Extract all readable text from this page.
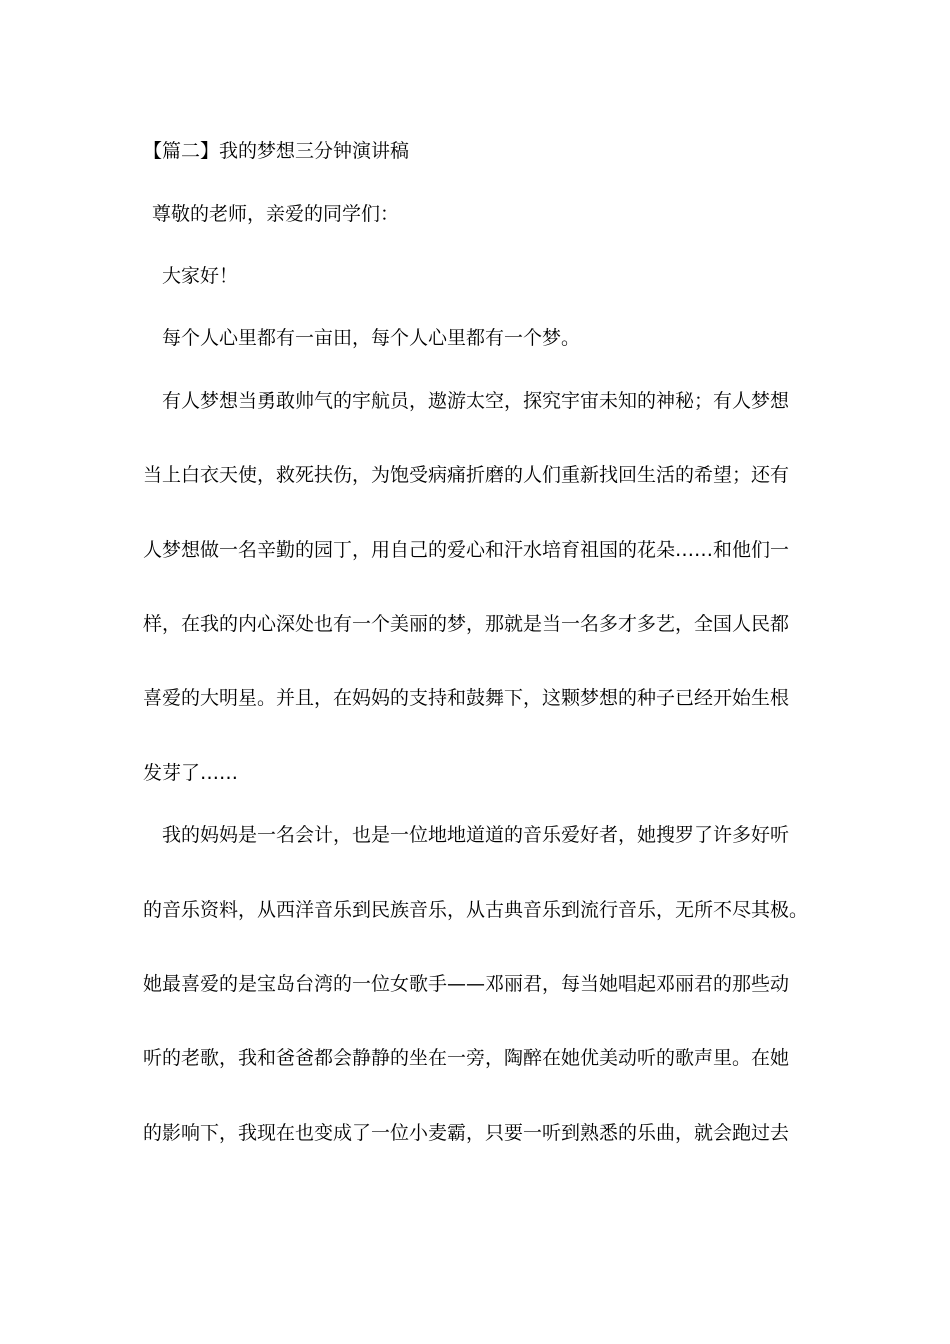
【篇二】我的梦想三分钟演讲稿

尊敬的老师，亲爱的同学们：

大家好！

每个人心里都有一亩田，每个人心里都有一个梦。

有人梦想当勇敢帅气的宇航员，遨游太空，探究宇宙未知的神秘；有人梦想

当上白衣天使，救死扶伤，为饱受病痛折磨的人们重新找回生活的希望；还有

人梦想做一名辛勤的园丁，用自己的爱心和汗水培育祖国的花朵……和他们一

样，在我的内心深处也有一个美丽的梦，那就是当一名多才多艺，全国人民都

喜爱的大明星。并且，在妈妈的支持和鼓舞下，这颗梦想的种子已经开始生根

发芽了……

我的妈妈是一名会计，也是一位地地道道的音乐爱好者，她搜罗了许多好听

的音乐资料，从西洋音乐到民族音乐，从古典音乐到流行音乐，无所不尽其极。

她最喜爱的是宝岛台湾的一位女歌手——邓丽君，每当她唱起邓丽君的那些动

听的老歌，我和爸爸都会静静的坐在一旁，陶醉在她优美动听的歌声里。在她

的影响下，我现在也变成了一位小麦霸，只要一听到熟悉的乐曲，就会跑过去
